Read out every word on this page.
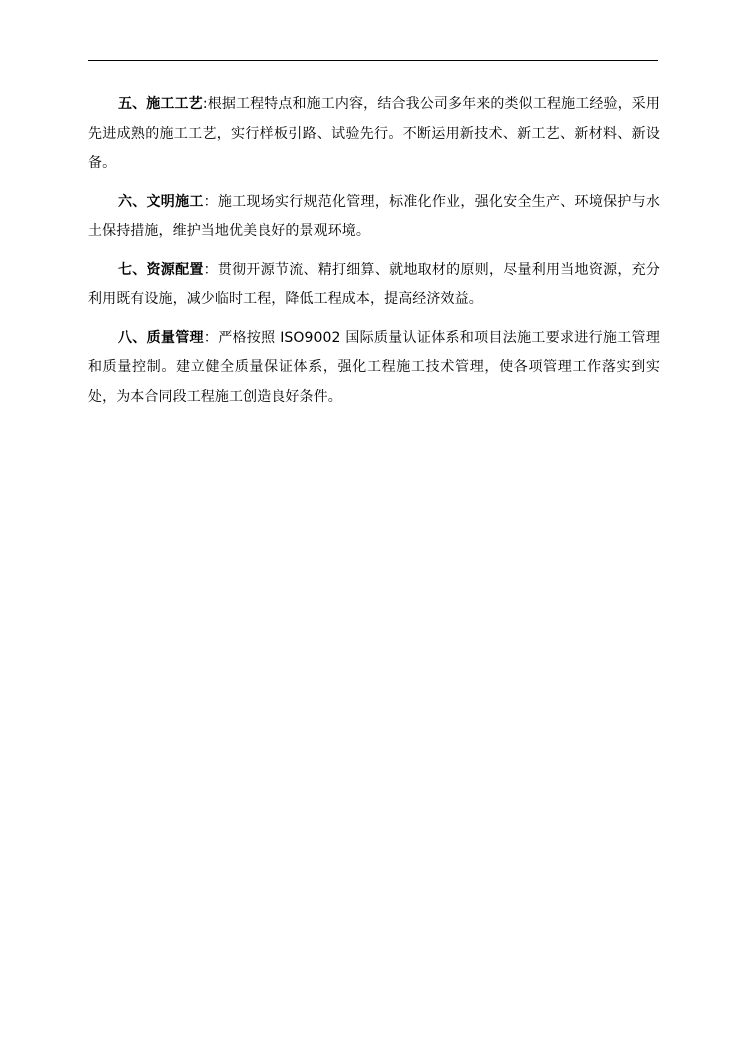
五、施工工艺:根据工程特点和施工内容，结合我公司多年来的类似工程施工经验，采用先进成熟的施工工艺，实行样板引路、试验先行。不断运用新技术、新工艺、新材料、新设备。

六、文明施工：施工现场实行规范化管理，标准化作业，强化安全生产、环境保护与水土保持措施，维护当地优美良好的景观环境。

七、资源配置：贯彻开源节流、精打细算、就地取材的原则，尽量利用当地资源，充分利用既有设施，减少临时工程，降低工程成本，提高经济效益。

八、质量管理：严格按照 ISO9002 国际质量认证体系和项目法施工要求进行施工管理和质量控制。建立健全质量保证体系，强化工程施工技术管理，使各项管理工作落实到实处，为本合同段工程施工创造良好条件。
